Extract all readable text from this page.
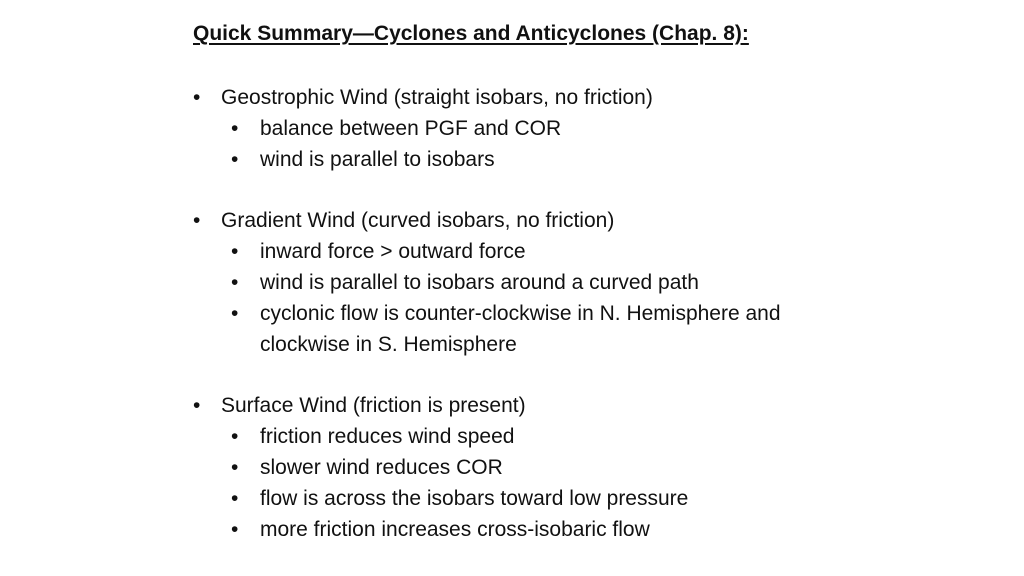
Quick Summary—Cyclones and Anticyclones (Chap. 8):
• Geostrophic Wind (straight isobars, no friction)
• balance between PGF and COR
• wind is parallel to isobars
• Gradient Wind (curved isobars, no friction)
• inward force > outward force
• wind is parallel to isobars around a curved path
• cyclonic flow is counter-clockwise in N. Hemisphere and clockwise in S. Hemisphere
• Surface Wind (friction is present)
• friction reduces wind speed
• slower wind reduces COR
• flow is across the isobars toward low pressure
• more friction increases cross-isobaric flow
